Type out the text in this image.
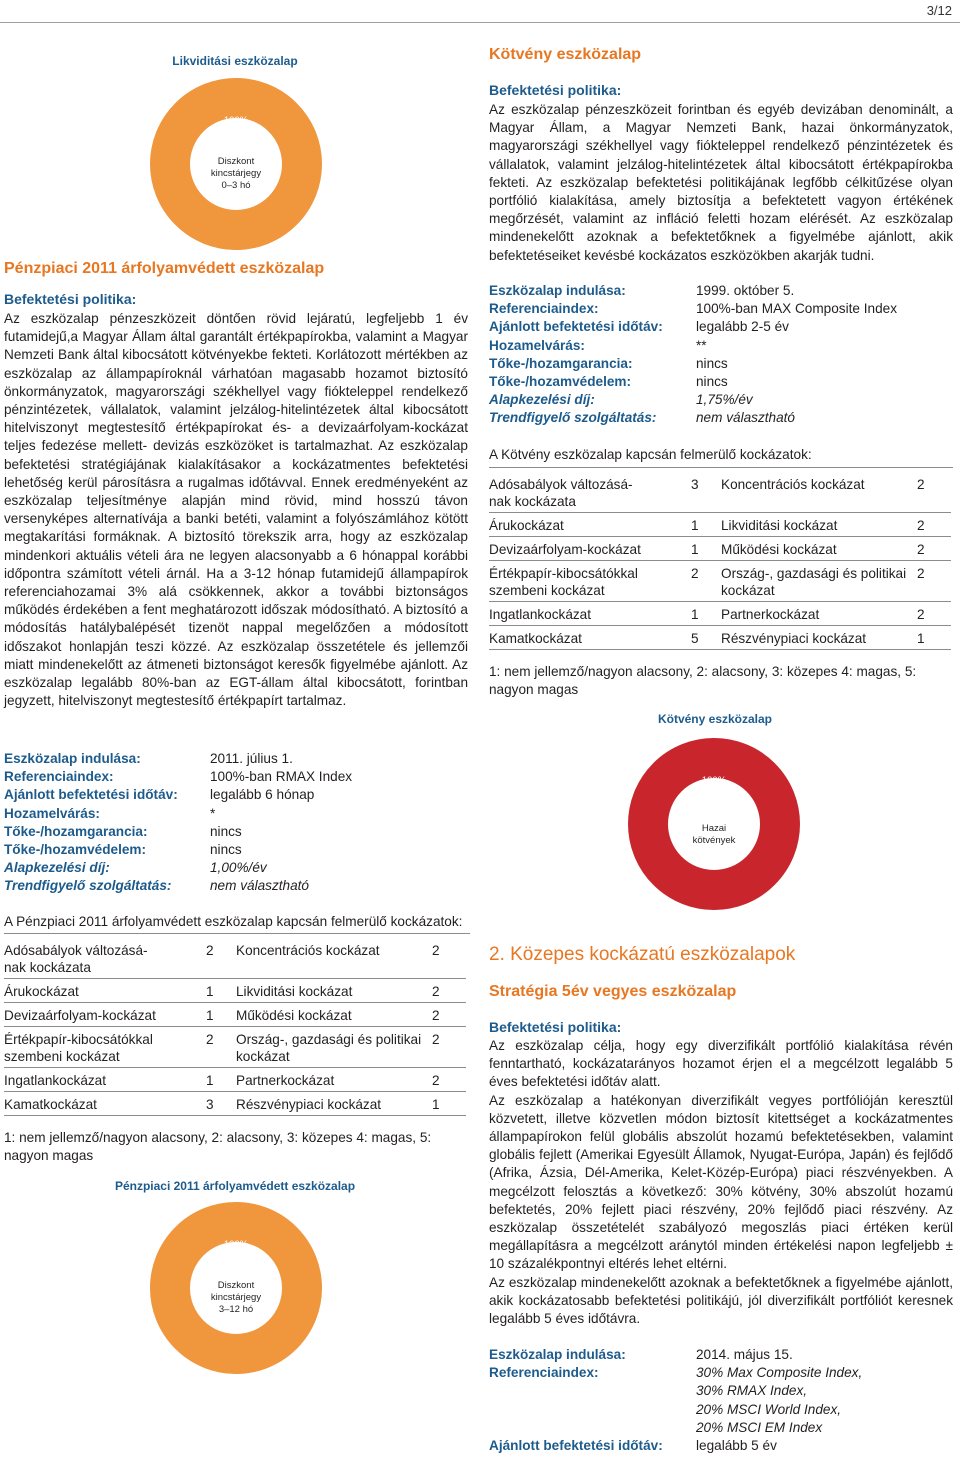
3/12
Likviditási eszközalap
100%
Diszkont
kincstárjegy
0–3 hó
Pénzpiaci 2011 árfolyamvédett eszközalap
Befektetési politika:
Az eszközalap pénzeszközeit döntően rövid lejáratú, legfeljebb 1 év futamidejű,a Magyar Állam által garantált értékpapírokba, valamint a Magyar Nemzeti Bank által kibocsátott kötvényekbe fekteti. Korlátozott mértékben az eszközalap az állampapíroknál várhatóan magasabb hozamot biztosító önkormányzatok, magyarországi székhellyel vagy fiókteleppel rendelkező pénzintézetek, vállalatok, valamint jelzálog-hitelintézetek által kibocsátott hitelviszonyt megtestesítő értékpapírokat és- a devizaárfolyam-kockázat teljes fedezése mellett- devizás eszközöket is tartalmazhat. Az eszközalap befektetési stratégiájának kialakításakor a kockázatmentes befektetési lehetőség kerül párosításra a rugalmas időtávval. Ennek eredményeként az eszközalap teljesítménye alapján mind rövid, mind hosszú távon versenyképes alternatívája a banki betéti, valamint a folyószámlához kötött megtakarítási formáknak. A biztosító törekszik arra, hogy az eszközalap mindenkori aktuális vételi ára ne legyen alacsonyabb a 6 hónappal korábbi időpontra számított vételi árnál. Ha a 3-12 hónap futamidejű állampapírok referenciahozamai 3% alá csökkennek, akkor a további biztonságos működés érdekében a fent meghatározott időszak módosítható. A biztosító a módosítás hatálybalépését tizenöt nappal megelőzően a módosított időszakot honlapján teszi közzé. Az eszközalap összetétele és jellemzői miatt mindenekelőtt az átmeneti biztonságot keresők figyelmébe ajánlott. Az eszközalap legalább 80%-ban az EGT-állam által kibocsátott, forintban jegyzett, hitelviszonyt megtestesítő értékpapírt tartalmaz.
Eszközalap indulása:	2011. július 1.
Referenciaindex:	100%-ban RMAX Index
Ajánlott befektetési időtáv:	legalább 6 hónap
Hozamelvárás:	*
Tőke-/hozamgarancia:	nincs
Tőke-/hozamvédelem:	nincs
Alapkezelési díj:	1,00%/év
Trendfigyelő szolgáltatás:	nem választható
A Pénzpiaci 2011 árfolyamvédett eszközalap kapcsán felmerülő kockázatok:
Adósabályok változásá-nak kockázata	2	Koncentrációs kockázat	2
Árukockázat	1	Likviditási kockázat	2
Devizaárfolyam-kockázat	1	Működési kockázat	2
Értékpapír-kibocsátókkal szembeni kockázat	2	Ország-, gazdasági és politikai kockázat	2
Ingatlankockázat	1	Partnerkockázat	2
Kamatkockázat	3	Részvénypiaci kockázat	1
1: nem jellemző/nagyon alacsony, 2: alacsony, 3: közepes 4: magas, 5: nagyon magas
Pénzpiaci 2011 árfolyamvédett eszközalap
100%
Diszkont
kincstárjegy
3–12 hó
Kötvény eszközalap
Befektetési politika:
Az eszközalap pénzeszközeit forintban és egyéb devizában denominált, a Magyar Állam, a Magyar Nemzeti Bank, hazai önkormányzatok, magyarországi székhellyel vagy fiókteleppel rendelkező pénzintézetek és vállalatok, valamint jelzálog-hitelintézetek által kibocsátott értékpapírokba fekteti. Az eszközalap befektetési politikájának legfőbb célkitűzése olyan portfólió kialakítása, amely biztosítja a befektetett vagyon értékének megőrzését, valamint az infláció feletti hozam elérését. Az eszközalap mindenekelőtt azoknak a befektetőknek a figyelmébe ajánlott, akik befektetéseiket kevésbé kockázatos eszközökben akarják tudni.
Eszközalap indulása:	1999. október 5.
Referenciaindex:	100%-ban MAX Composite Index
Ajánlott befektetési időtáv:	legalább 2-5 év
Hozamelvárás:	**
Tőke-/hozamgarancia:	nincs
Tőke-/hozamvédelem:	nincs
Alapkezelési díj:	1,75%/év
Trendfigyelő szolgáltatás:	nem választható
A Kötvény eszközalap kapcsán felmerülő kockázatok:
Adósabályok változásá-nak kockázata	3	Koncentrációs kockázat	2
Árukockázat	1	Likviditási kockázat	2
Devizaárfolyam-kockázat	1	Működési kockázat	2
Értékpapír-kibocsátókkal szembeni kockázat	2	Ország-, gazdasági és politikai kockázat	2
Ingatlankockázat	1	Partnerkockázat	2
Kamatkockázat	5	Részvénypiaci kockázat	1
1: nem jellemző/nagyon alacsony, 2: alacsony, 3: közepes 4: magas, 5: nagyon magas
Kötvény eszközalap
100%
Hazai
kötvények
2. Közepes kockázatú eszközalapok
Stratégia 5év vegyes eszközalap
Befektetési politika:
Az eszközalap célja, hogy egy diverzifikált portfólió kialakítása révén fenntartható, kockázatarányos hozamot érjen el a megcélzott legalább 5 éves befektetési időtáv alatt.
Az eszközalap a hatékonyan diverzifikált vegyes portfólióján keresztül közvetett, illetve közvetlen módon biztosít kitettséget a kockázatmentes állampapírokon felül globális abszolút hozamú befektetésekben, valamint globális fejlett (Amerikai Egyesült Államok, Nyugat-Európa, Japán) és fejlődő (Afrika, Ázsia, Dél-Amerika, Kelet-Közép-Európa) piaci részvényekben. A megcélzott felosztás a következő: 30% kötvény, 30% abszolút hozamú befektetés, 20% fejlett piaci részvény, 20% fejlődő piaci részvény. Az eszközalap összetételét szabályozó megoszlás piaci értéken kerül megállapításra a megcélzott aránytól minden értékelési napon legfeljebb ± 10 százalékpontnyi eltérés lehet eltérni.
Az eszközalap mindenekelőtt azoknak a befektetőknek a figyelmébe ajánlott, akik kockázatosabb befektetési politikájú, jól diverzifikált portfóliót keresnek legalább 5 éves időtávra.
Eszközalap indulása:	2014. május 15.
Referenciaindex:	30% Max Composite Index,
30% RMAX Index,
20% MSCI World Index,
20% MSCI EM Index
Ajánlott befektetési időtáv:	legalább 5 év
